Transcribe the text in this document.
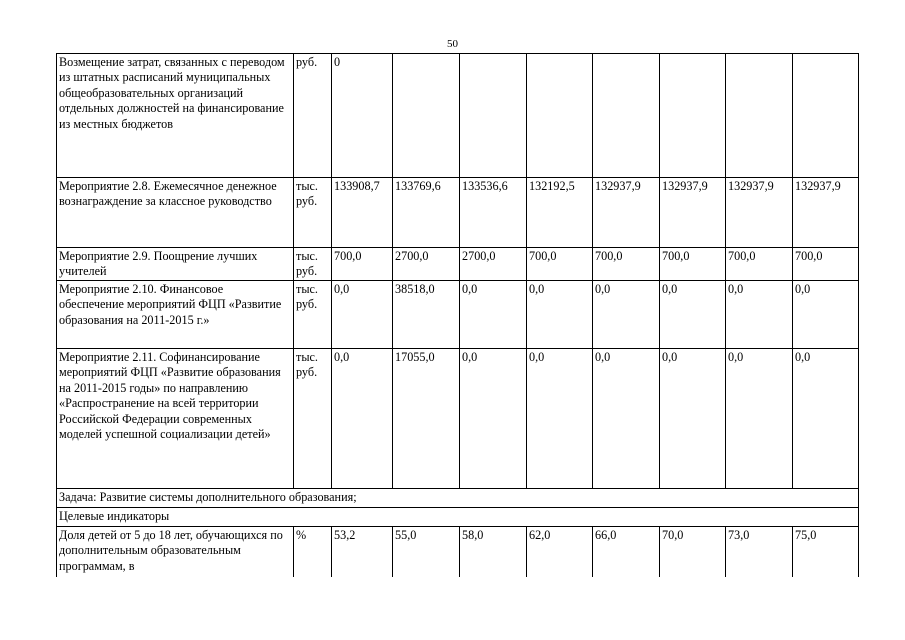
50
Возмещение затрат, связанных с переводом из штатных расписаний муниципальных общеобразовательных организаций отдельных должностей на финансирование из местных бюджетов	руб.	0							
Мероприятие 2.8. Ежемесячное денежное вознаграждение за классное руководство	тыс. руб.	133908,7	133769,6	133536,6	132192,5	132937,9	132937,9	132937,9	132937,9
Мероприятие 2.9. Поощрение лучших учителей	тыс. руб.	700,0	2700,0	2700,0	700,0	700,0	700,0	700,0	700,0
Мероприятие 2.10. Финансовое обеспечение мероприятий ФЦП «Развитие образования на 2011-2015 г.»	тыс. руб.	0,0	38518,0	0,0	0,0	0,0	0,0	0,0	0,0
Мероприятие 2.11. Софинансирование мероприятий ФЦП «Развитие образования на 2011-2015 годы» по направлению «Распространение на всей территории Российской Федерации современных моделей успешной социализации детей»	тыс. руб.	0,0	17055,0	0,0	0,0	0,0	0,0	0,0	0,0
Задача: Развитие системы дополнительного образования;									
Целевые индикаторы									
Доля детей от 5 до 18 лет, обучающихся по дополнительным образовательным программам, в	%	53,2	55,0	58,0	62,0	66,0	70,0	73,0	75,0
